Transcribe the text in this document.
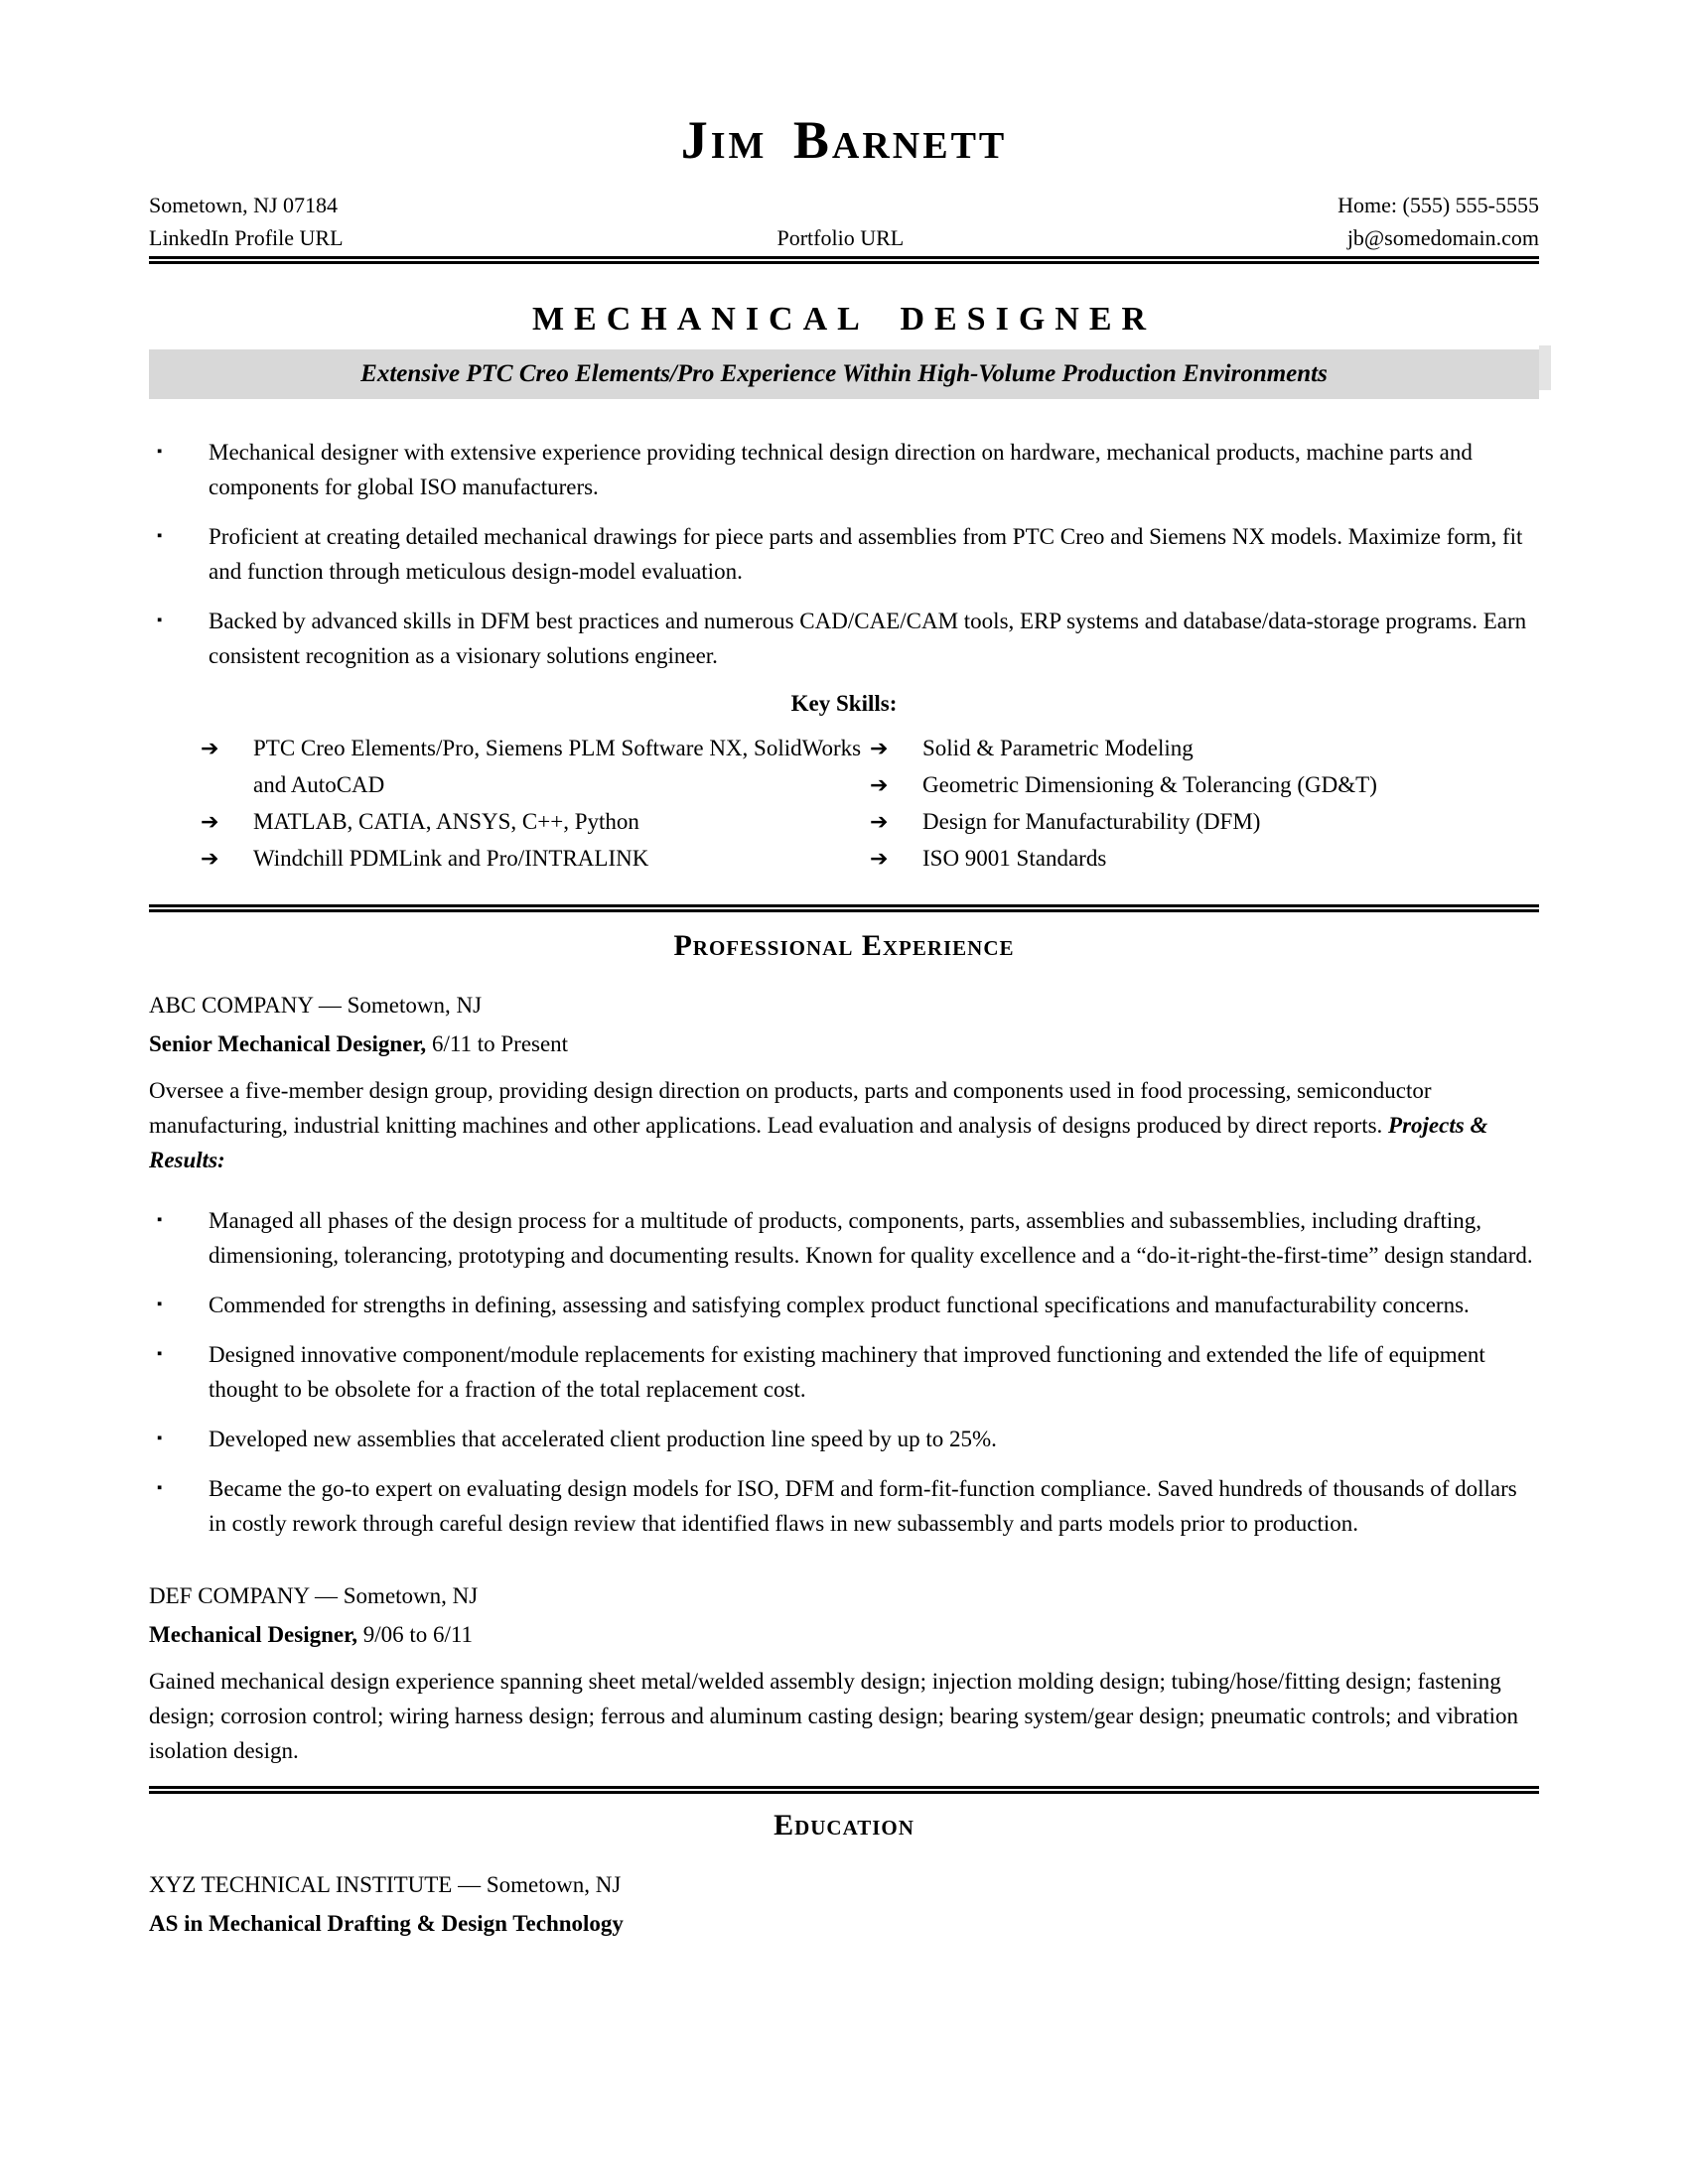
Jim Barnett
Sometown, NJ 07184
LinkedIn Profile URL	Portfolio URL
Home: (555) 555-5555
jb@somedomain.com
MECHANICAL DESIGNER
Extensive PTC Creo Elements/Pro Experience Within High-Volume Production Environments
▪ Mechanical designer with extensive experience providing technical design direction on hardware, mechanical products, machine parts and components for global ISO manufacturers.
▪ Proficient at creating detailed mechanical drawings for piece parts and assemblies from PTC Creo and Siemens NX models. Maximize form, fit and function through meticulous design-model evaluation.
▪ Backed by advanced skills in DFM best practices and numerous CAD/CAE/CAM tools, ERP systems and database/data-storage programs. Earn consistent recognition as a visionary solutions engineer.
Key Skills:
➔ PTC Creo Elements/Pro, Siemens PLM Software NX, SolidWorks and AutoCAD
➔ MATLAB, CATIA, ANSYS, C++, Python
➔ Windchill PDMLink and Pro/INTRALINK
➔ Solid & Parametric Modeling
➔ Geometric Dimensioning & Tolerancing (GD&T)
➔ Design for Manufacturability (DFM)
➔ ISO 9001 Standards
Professional Experience
ABC COMPANY — Sometown, NJ
Senior Mechanical Designer, 6/11 to Present

Oversee a five-member design group, providing design direction on products, parts and components used in food processing, semiconductor manufacturing, industrial knitting machines and other applications. Lead evaluation and analysis of designs produced by direct reports. Projects & Results:

▪ Managed all phases of the design process for a multitude of products, components, parts, assemblies and subassemblies, including drafting, dimensioning, tolerancing, prototyping and documenting results. Known for quality excellence and a “do-it-right-the-first-time” design standard.
▪ Commended for strengths in defining, assessing and satisfying complex product functional specifications and manufacturability concerns.
▪ Designed innovative component/module replacements for existing machinery that improved functioning and extended the life of equipment thought to be obsolete for a fraction of the total replacement cost.
▪ Developed new assemblies that accelerated client production line speed by up to 25%.
▪ Became the go-to expert on evaluating design models for ISO, DFM and form-fit-function compliance. Saved hundreds of thousands of dollars in costly rework through careful design review that identified flaws in new subassembly and parts models prior to production.
DEF COMPANY — Sometown, NJ
Mechanical Designer, 9/06 to 6/11

Gained mechanical design experience spanning sheet metal/welded assembly design; injection molding design; tubing/hose/fitting design; fastening design; corrosion control; wiring harness design; ferrous and aluminum casting design; bearing system/gear design; pneumatic controls; and vibration isolation design.

Education
XYZ TECHNICAL INSTITUTE — Sometown, NJ
AS in Mechanical Drafting & Design Technology
